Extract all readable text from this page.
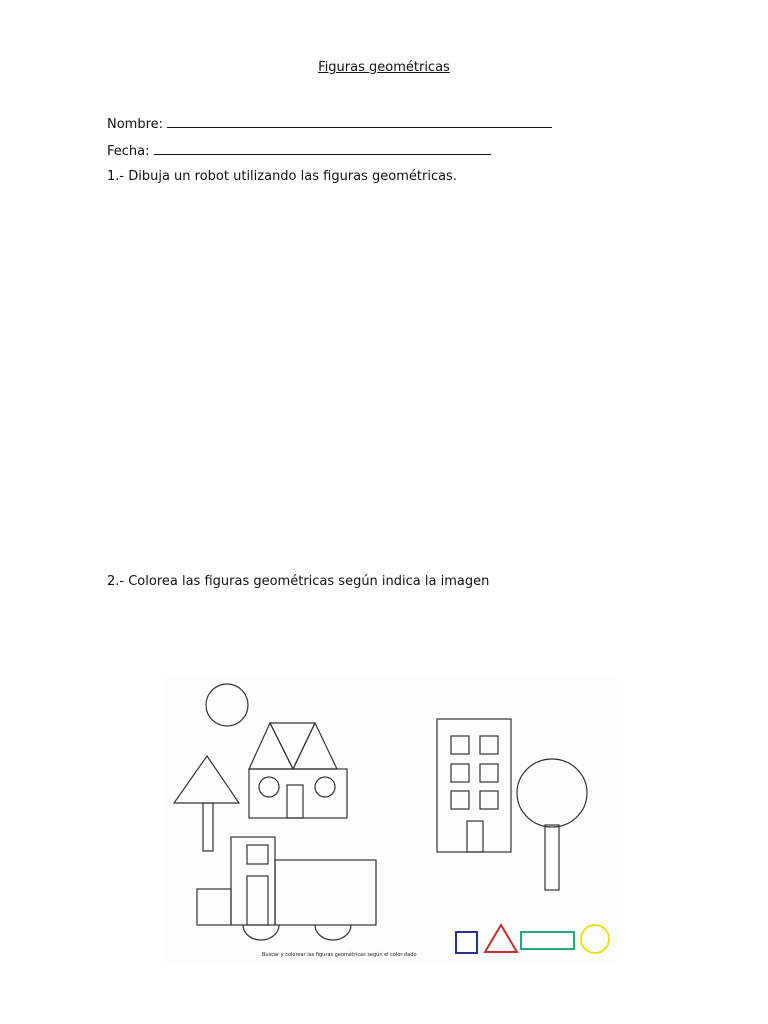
Figuras geométricas
Nombre:
Fecha:
1.- Dibuja un robot utilizando las figuras geométricas.
2.- Colorea las figuras geométricas según indica la imagen
Buscar y colorear las figuras geométricas según el color dado
